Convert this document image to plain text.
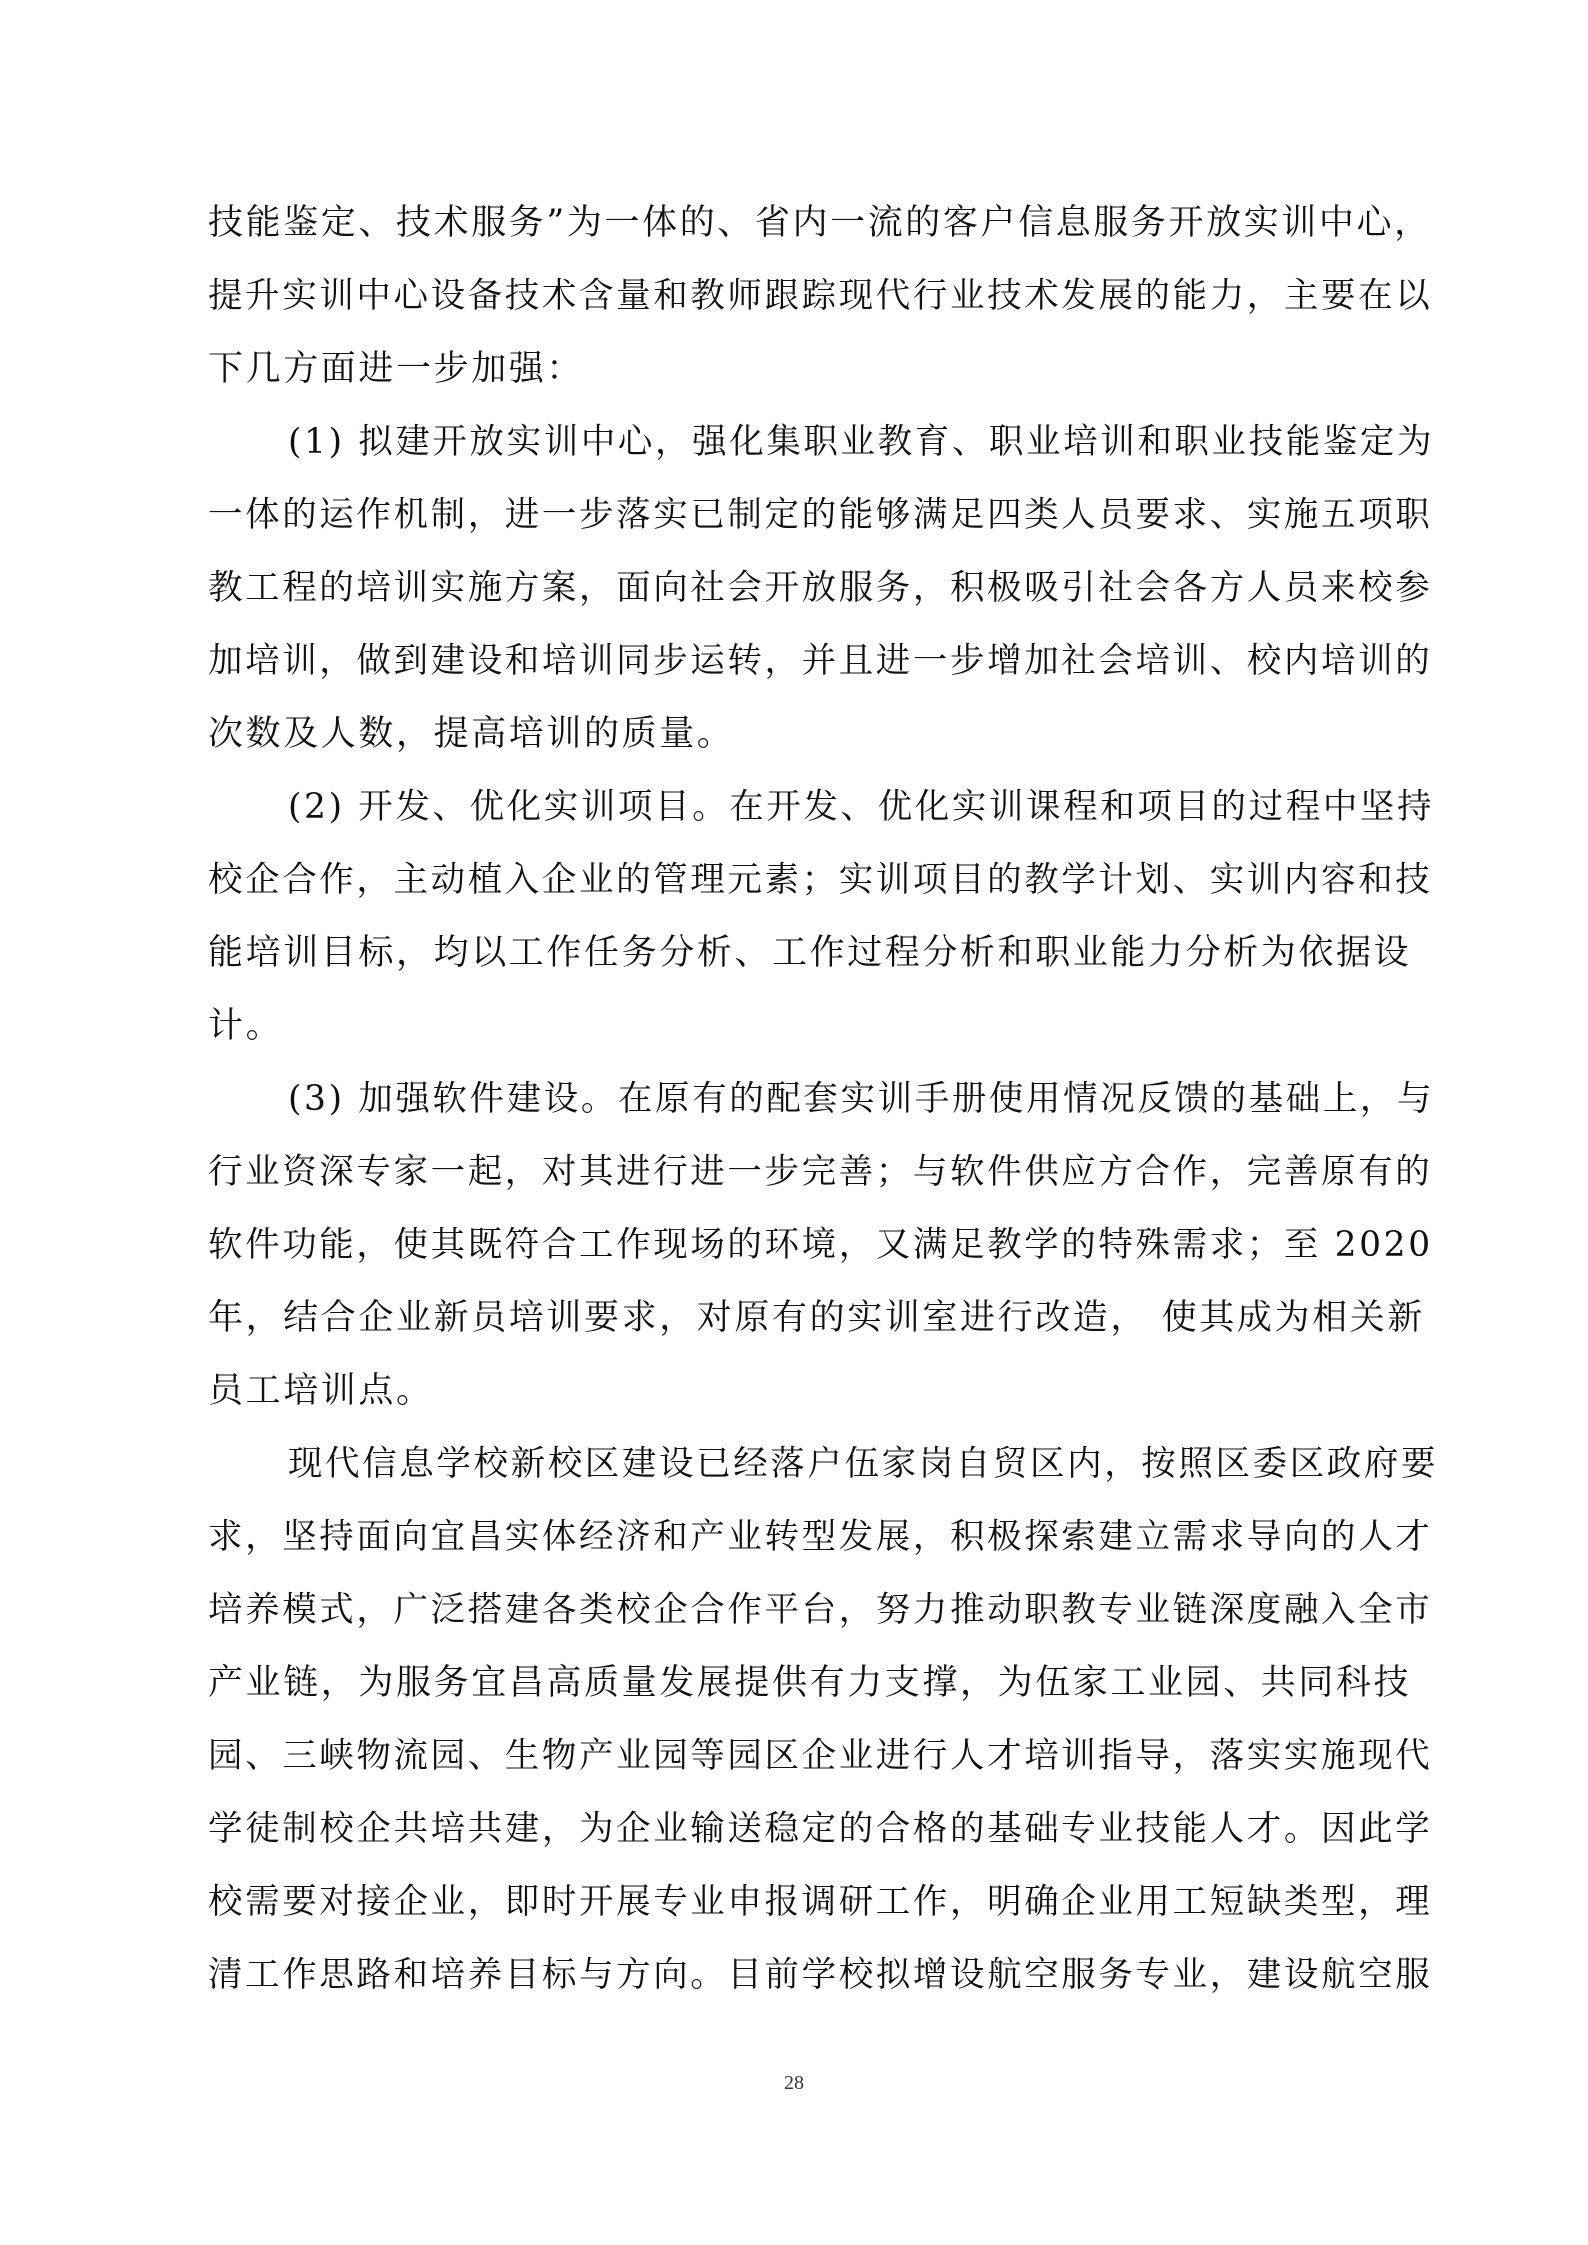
技能鉴定、技术服务”为一体的、省内一流的客户信息服务开放实训中心，
提升实训中心设备技术含量和教师跟踪现代行业技术发展的能力，主要在以
下几方面进一步加强：
(1) 拟建开放实训中心，强化集职业教育、职业培训和职业技能鉴定为
一体的运作机制，进一步落实已制定的能够满足四类人员要求、实施五项职
教工程的培训实施方案，面向社会开放服务，积极吸引社会各方人员来校参
加培训，做到建设和培训同步运转，并且进一步增加社会培训、校内培训的
次数及人数，提高培训的质量。
(2) 开发、优化实训项目。在开发、优化实训课程和项目的过程中坚持
校企合作，主动植入企业的管理元素；实训项目的教学计划、实训内容和技
能培训目标，均以工作任务分析、工作过程分析和职业能力分析为依据设
计。
(3) 加强软件建设。在原有的配套实训手册使用情况反馈的基础上，与
行业资深专家一起，对其进行进一步完善；与软件供应方合作，完善原有的
软件功能，使其既符合工作现场的环境，又满足教学的特殊需求；至 2020
年，结合企业新员培训要求，对原有的实训室进行改造， 使其成为相关新
员工培训点。
现代信息学校新校区建设已经落户伍家岗自贸区内，按照区委区政府要
求，坚持面向宜昌实体经济和产业转型发展，积极探索建立需求导向的人才
培养模式，广泛搭建各类校企合作平台，努力推动职教专业链深度融入全市
产业链，为服务宜昌高质量发展提供有力支撑，为伍家工业园、共同科技
园、三峡物流园、生物产业园等园区企业进行人才培训指导，落实实施现代
学徒制校企共培共建，为企业输送稳定的合格的基础专业技能人才。因此学
校需要对接企业，即时开展专业申报调研工作，明确企业用工短缺类型，理
清工作思路和培养目标与方向。目前学校拟增设航空服务专业，建设航空服
28
